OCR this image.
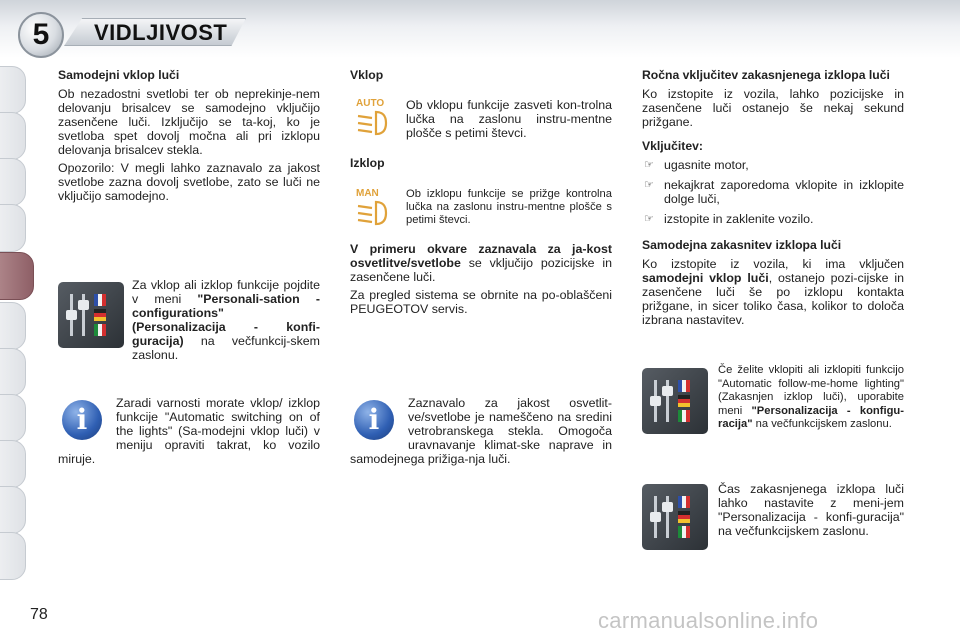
5	VIDLJIVOST
Samodejni vklop luči

Ob nezadostni svetlobi ter ob neprekinje-nem delovanju brisalcev se samodejno vključijo zasenčene luči. Izključijo se ta-koj, ko je svetloba spet dovolj močna ali pri izklopu delovanja brisalcev stekla.

Opozorilo: V megli lahko zaznavalo za jakost svetlobe zazna dovolj svetlobe, zato se luči ne vključijo samodejno.

Za vklop ali izklop funkcije pojdite v meni "Personali-sation - configurations" (Personalizacija - konfi-guracija) na večfunkcij-skem zaslonu.
i	Zaradi varnosti morate vklop/ izklop funkcije "Automatic switching on of the lights" (Sa-modejni vklop luči) v meniju opraviti takrat, ko vozilo miruje.
Vklop
AUTO Ob vklopu funkcije zasveti kon-trolna lučka na zaslonu instru-mentne plošče s petimi števci.
Izklop
MAN Ob izklopu funkcije se prižge kontrolna lučka na zaslonu instru-mentne plošče s petimi števci.

V primeru okvare zaznavala za ja-kost osvetlitve/svetlobe se vključijo pozicijske in zasenčene luči.

Za pregled sistema se obrnite na po-oblaščeni PEUGEOTOV servis.

i	Zaznavalo za jakost osvetlit-ve/svetlobe je nameščeno na sredini vetrobranskega stekla. Omogoča uravnavanje klimat-ske naprave in samodejnega prižiga-nja luči.
Ročna vključitev zakasnjenega izklopa luči

Ko izstopite iz vozila, lahko pozicijske in zasenčene luči ostanejo še nekaj sekund prižgane.

Vključitev:
☞ ugasnite motor,
☞ nekajkrat zaporedoma vklopite in izklopite dolge luči,
☞ izstopite in zaklenite vozilo.
Samodejna zakasnitev izklopa luči

Ko izstopite iz vozila, ki ima vključen samodejni vklop luči, ostanejo pozi-cijske in zasenčene luči še po izklopu kontakta prižgane, in sicer toliko časa, kolikor to določa izbrana nastavitev.

Če želite vklopiti ali izklopiti funkcijo "Automatic follow-me-home lighting"(Zakasnjen izklop luči), uporabite meni "Personalizacija - konfigu-racija" na večfunkcijskem zaslonu.
Čas zakasnjenega izklopa luči lahko nastavite z meni-jem "Personalizacija - konfi-guracija" na večfunkcijskem zaslonu.
78	carmanualsonline.info
